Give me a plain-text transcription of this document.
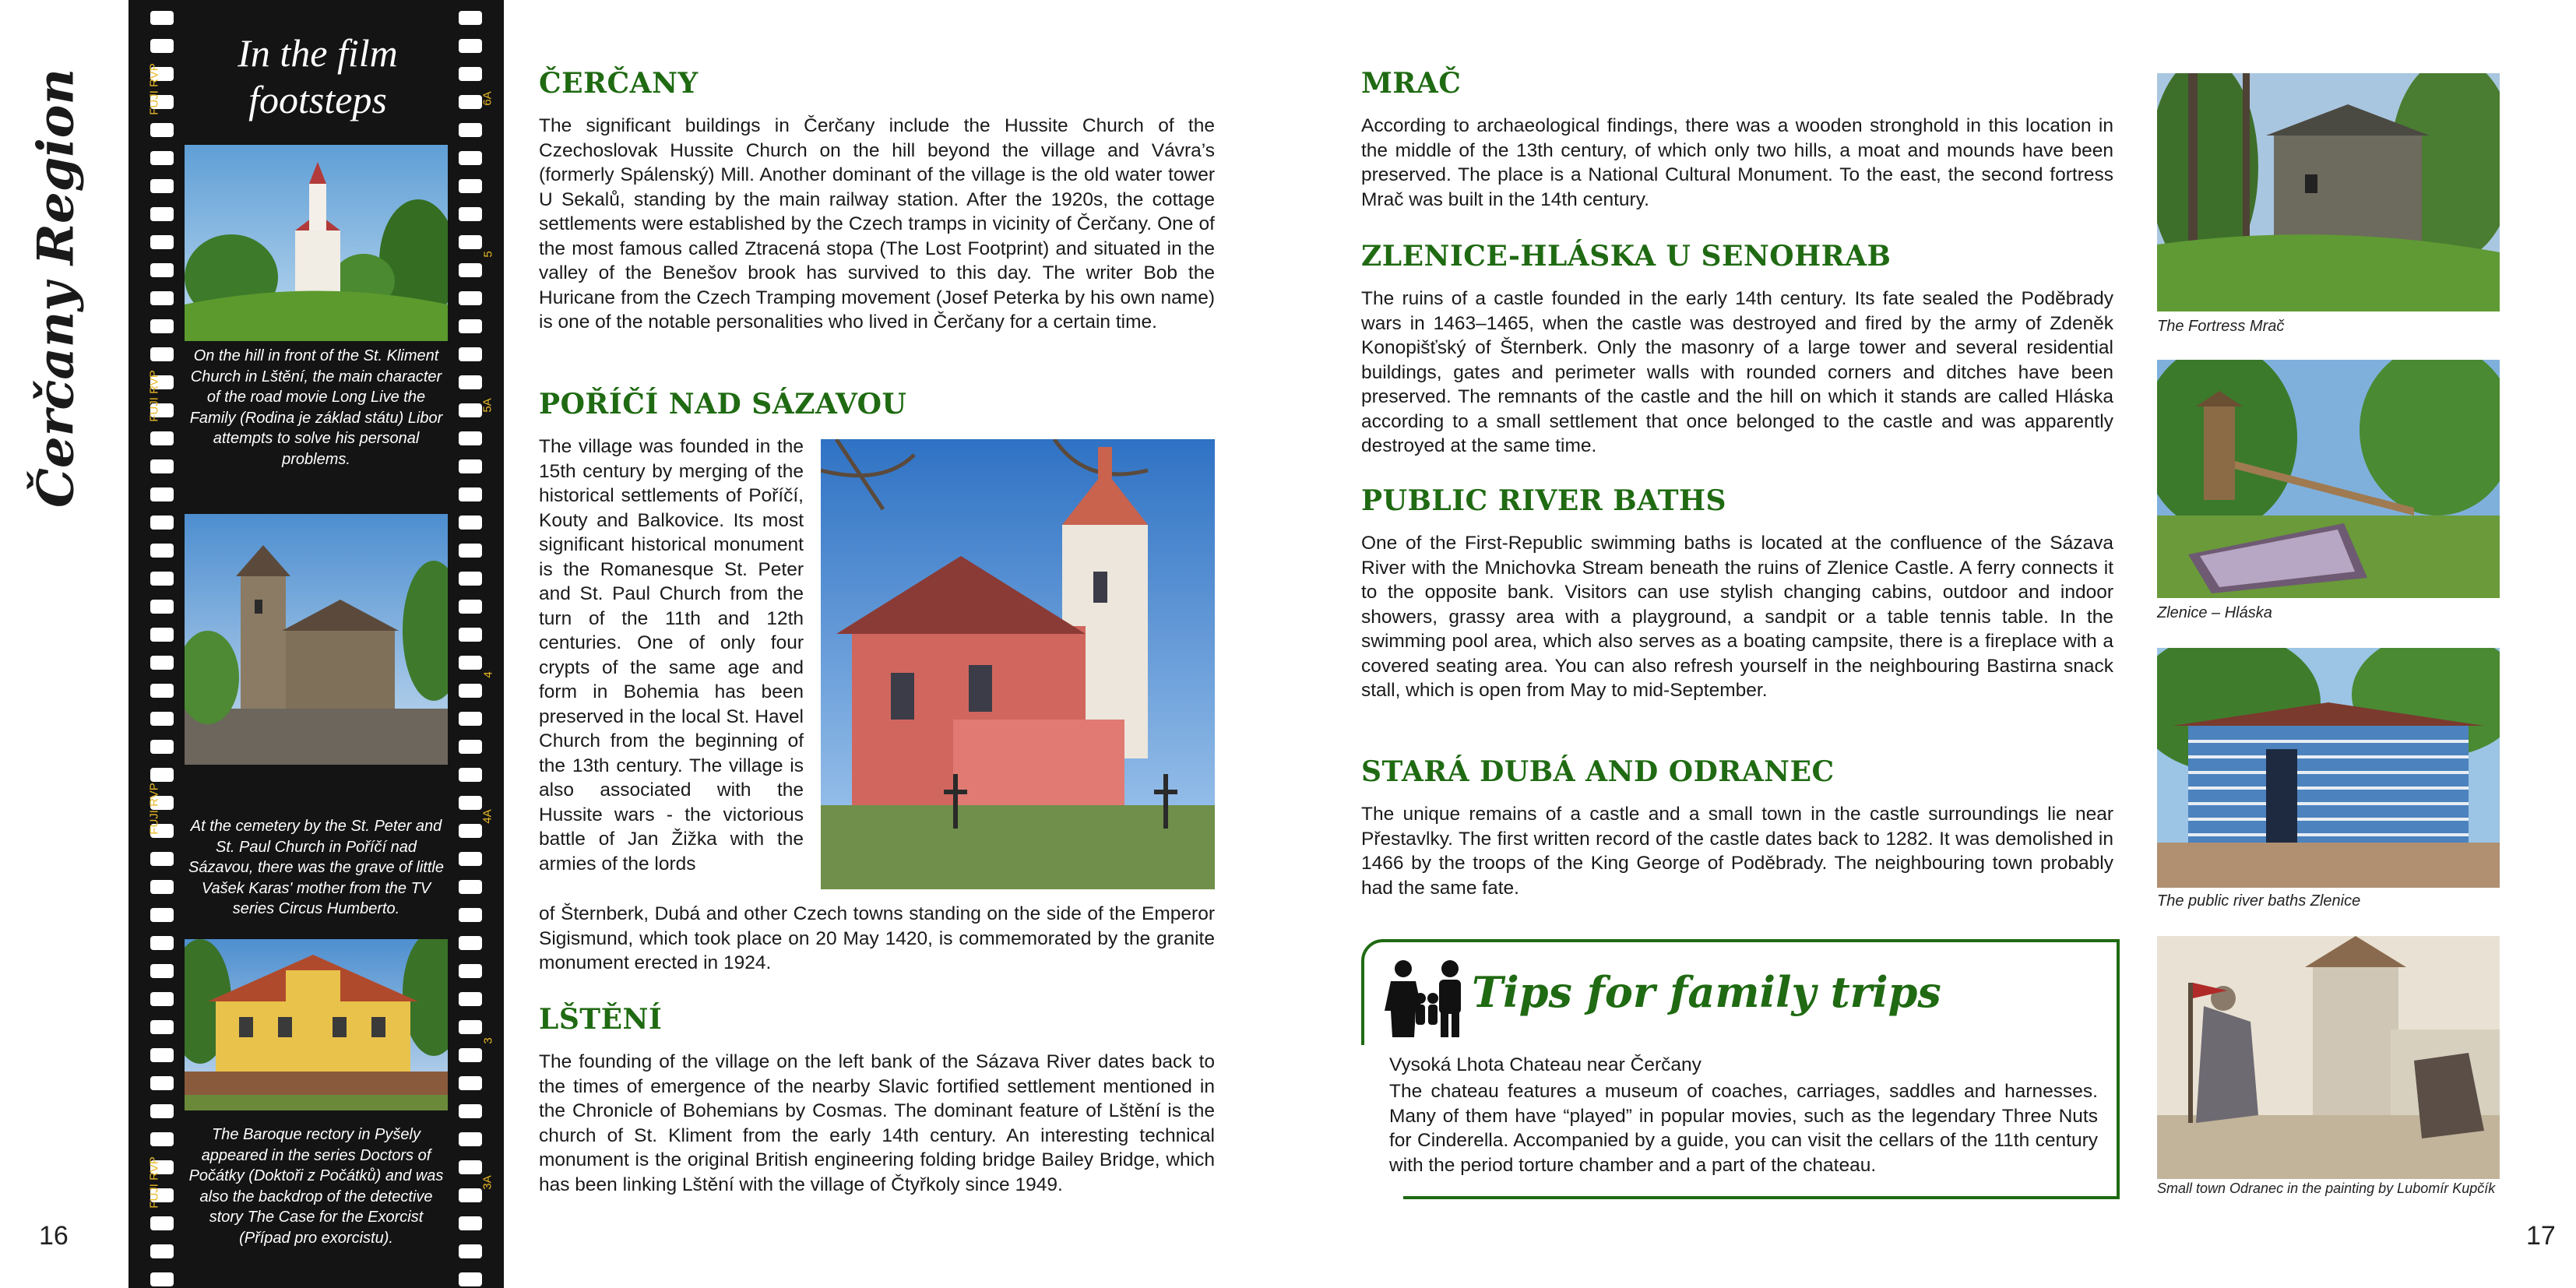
Čerčany Region
16	17
FUJI RVP
FUJI RVP
FUJI RVP
FUJI RVP
6A
5
5A
4
4A
3
3A
In the film
footsteps
On the hill in front of the St. Kliment Church in Lštění, the main character of the road movie Long Live the Family (Rodina je základ státu) Libor attempts to solve his personal problems.
At the cemetery by the St. Peter and St. Paul Church in Poříčí nad Sázavou, there was the grave of little Vašek Karas' mother from the TV series Circus Humberto.
The Baroque rectory in Pyšely appeared in the series Doctors of Počátky (Doktoři z Počátků) and was also the backdrop of the detective story The Case for the Exorcist (Případ pro exorcistu).
ČERČANY
The significant buildings in Čerčany include the Hussite Church of the Czechoslovak Hussite Church on the hill beyond the village and Vávra’s (formerly Spálenský) Mill. Another dominant of the village is the old water tower U Sekalů, standing by the main railway station. After the 1920s, the cottage settlements were established by the Czech tramps in vicinity of Čerčany. One of the most famous called Ztracená stopa (The Lost Footprint) and situated in the valley of the Benešov brook has survived to this day. The writer Bob the Huricane from the Czech Tramping movement (Josef Peterka by his own name) is one of the notable personalities who lived in Čerčany for a certain time.
POŘÍČÍ NAD SÁZAVOU
The village was founded in the 15th century by merging of the historical settlements of Poříčí, Kouty and Balkovice. Its most significant historical monument is the Romanesque St. Peter and St. Paul Church from the turn of the 11th and 12th centuries. One of only four crypts of the same age and form in Bohemia has been preserved in the local St. Havel Church from the beginning of the 13th century. The village is also associated with the Hussite wars - the victorious battle of Jan Žižka with the armies of the lords
of Šternberk, Dubá and other Czech towns standing on the side of the Emperor Sigismund, which took place on 20 May 1420, is commemorated by the granite monument erected in 1924.
LŠTĚNÍ
The founding of the village on the left bank of the Sázava River dates back to the times of emergence of the nearby Slavic fortified settlement mentioned in the Chronicle of Bohemians by Cosmas. The dominant feature of Lštění is the church of St. Kliment from the early 14th century. An interesting technical monument is the original British engineering folding bridge Bailey Bridge, which has been linking Lštění with the village of Čtyřkoly since 1949.
MRAČ
According to archaeological findings, there was a wooden stronghold in this location in the middle of the 13th century, of which only two hills, a moat and mounds have been preserved. The place is a National Cultural Monument. To the east, the second fortress Mrač was built in the 14th century.
ZLENICE-HLÁSKA U SENOHRAB
The ruins of a castle founded in the early 14th century. Its fate sealed the Poděbrady wars in 1463–1465, when the castle was destroyed and fired by the army of Zdeněk Konopišťský of Šternberk. Only the masonry of a large tower and several residential buildings, gates and perimeter walls with rounded corners and ditches have been preserved. The remnants of the castle and the hill on which it stands are called Hláska according to a small settlement that once belonged to the castle and was apparently destroyed at the same time.
PUBLIC RIVER BATHS
One of the First-Republic swimming baths is located at the confluence of the Sázava River with the Mnichovka Stream beneath the ruins of Zlenice Castle. A ferry connects it to the opposite bank. Visitors can use stylish changing cabins, outdoor and indoor showers, grassy area with a playground, a sandpit or a table tennis table. In the swimming pool area, which also serves as a boating campsite, there is a fireplace with a covered seating area. You can also refresh yourself in the neighbouring Bastirna snack stall, which is open from May to mid-September.
STARÁ DUBÁ AND ODRANEC
The unique remains of a castle and a small town in the castle surroundings lie near Přestavlky. The first written record of the castle dates back to 1282. It was demolished in 1466 by the troops of the King George of Poděbrady. The neighbouring town probably had the same fate.
Tips for family trips
Vysoká Lhota Chateau near Čerčany
The chateau features a museum of coaches, carriages, saddles and harnesses. Many of them have “played” in popular movies, such as the legendary Three Nuts for Cinderella. Accompanied by a guide, you can visit the cellars of the 11th century with the period torture chamber and a part of the chateau.
The Fortress Mrač
Zlenice – Hláska
The public river baths Zlenice
Small town Odranec in the painting by Lubomír Kupčík
